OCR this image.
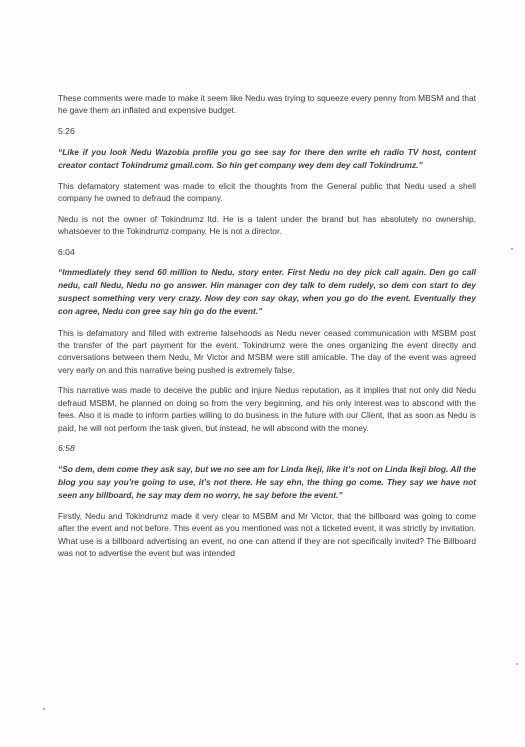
These comments were made to make it seem like Nedu was trying to squeeze every penny from MBSM and that he gave them an inflated and expensive budget.

5:26

“Like if you look Nedu Wazobia profile you go see say for there den write eh radio TV host, content creator contact Tokindrumz gmail.com. So hin get company wey dem dey call Tokindrumz.”

This defamatory statement was made to elicit the thoughts from the General public that Nedu used a shell company he owned to defraud the company.

Nedu is not the owner of Tokindrumz ltd. He is a talent under the brand but has absolutely no ownership, whatsoever to the Tokindrumz company. He is not a director.

6:04

“Immediately they send 60 million to Nedu, story enter. First Nedu no dey pick call again. Den go call nedu, call Nedu, Nedu no go answer. Hin manager con dey talk to dem rudely, so dem con start to dey suspect something very very crazy. Now dey con say okay, when you go do the event. Eventually they con agree, Nedu con gree say hin go do the event.”

This is defamatory and filled with extreme falsehoods as Nedu never ceased communication with MSBM post the transfer of the part payment for the event. Tokindrumz were the ones organizing the event directly and conversations between them Nedu, Mr Victor and MSBM were still amicable. The day of the event was agreed very early on and this narrative being pushed is extremely false.

This narrative was made to deceive the public and injure Nedus reputation, as it implies that not only did Nedu defraud MSBM, he planned on doing so from the very beginning, and his only interest was to abscond with the fees. Also it is made to inform parties willing to do business in the future with our Client, that as soon as Nedu is paid, he will not perform the task given, but instead, he will abscond with the money.

6:58

“So dem, dem come they ask say, but we no see am for Linda Ikeji, like it’s not on Linda Ikeji blog. All the blog you say you’re going to use, it’s not there. He say ehn, the thing go come. They say we have not seen any billboard, he say may dem no worry, he say before the event.”

Firstly, Nedu and Tokindrumz made it very clear to MSBM and Mr Victor, that the billboard was going to come after the event and not before. This event as you mentioned was not a ticketed event, it was strictly by invitation. What use is a billboard advertising an event, no one can attend if they are not specifically invited? The Billboard was not to advertise the event but was intended
